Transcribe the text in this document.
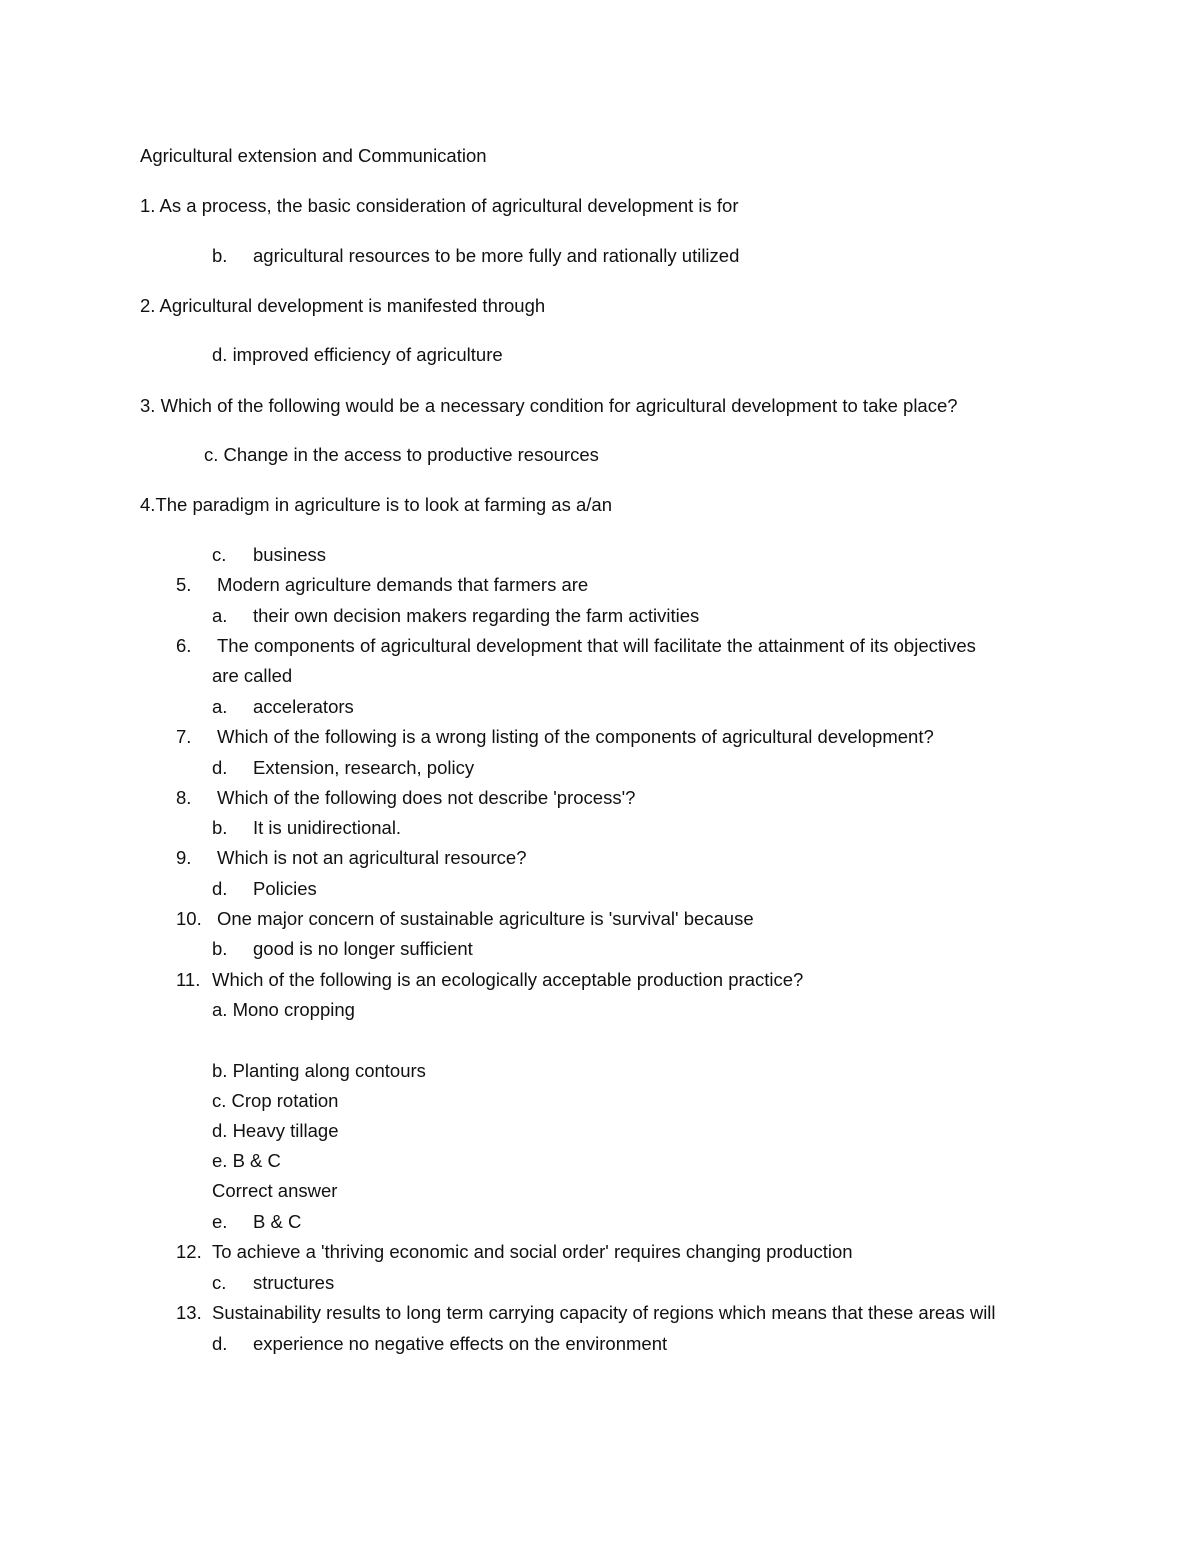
Agricultural extension and Communication
1. As a process, the basic consideration of agricultural development is for
b. agricultural resources to be more fully and rationally utilized
2. Agricultural development is manifested through
d. improved efficiency of agriculture
3. Which of the following would be a necessary condition for agricultural development to take place?
c. Change in the access to productive resources
4.The paradigm in agriculture is to look at farming as a/an
c. business
5. Modern agriculture demands that farmers are
a. their own decision makers regarding the farm activities
6. The components of agricultural development that will facilitate the attainment of its objectives
are called
a. accelerators
7. Which of the following is a wrong listing of the components of agricultural development?
d. Extension, research, policy
8. Which of the following does not describe 'process'?
b. It is unidirectional.
9. Which is not an agricultural resource?
d. Policies
10. One major concern of sustainable agriculture is 'survival' because
b. good is no longer sufficient
11. Which of the following is an ecologically acceptable production practice?
a. Mono cropping
b. Planting along contours
c. Crop rotation
d. Heavy tillage
e. B & C
Correct answer
e. B & C
12. To achieve a 'thriving economic and social order' requires changing production
c. structures
13. Sustainability results to long term carrying capacity of regions which means that these areas will
d. experience no negative effects on the environment
